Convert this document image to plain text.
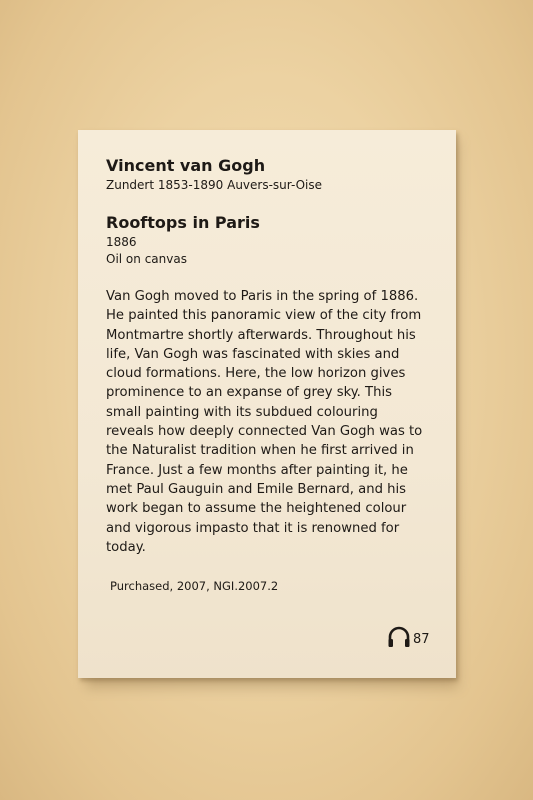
Vincent van Gogh
Zundert 1853-1890 Auvers-sur-Oise
Rooftops in Paris
1886
Oil on canvas

Van Gogh moved to Paris in the spring of 1886.
He painted this panoramic view of the city from
Montmartre shortly afterwards. Throughout his
life, Van Gogh was fascinated with skies and
cloud formations. Here, the low horizon gives
prominence to an expanse of grey sky. This
small painting with its subdued colouring
reveals how deeply connected Van Gogh was to
the Naturalist tradition when he first arrived in
France. Just a few months after painting it, he
met Paul Gauguin and Emile Bernard, and his
work began to assume the heightened colour
and vigorous impasto that it is renowned for
today.

Purchased, 2007, NGI.2007.2
87
